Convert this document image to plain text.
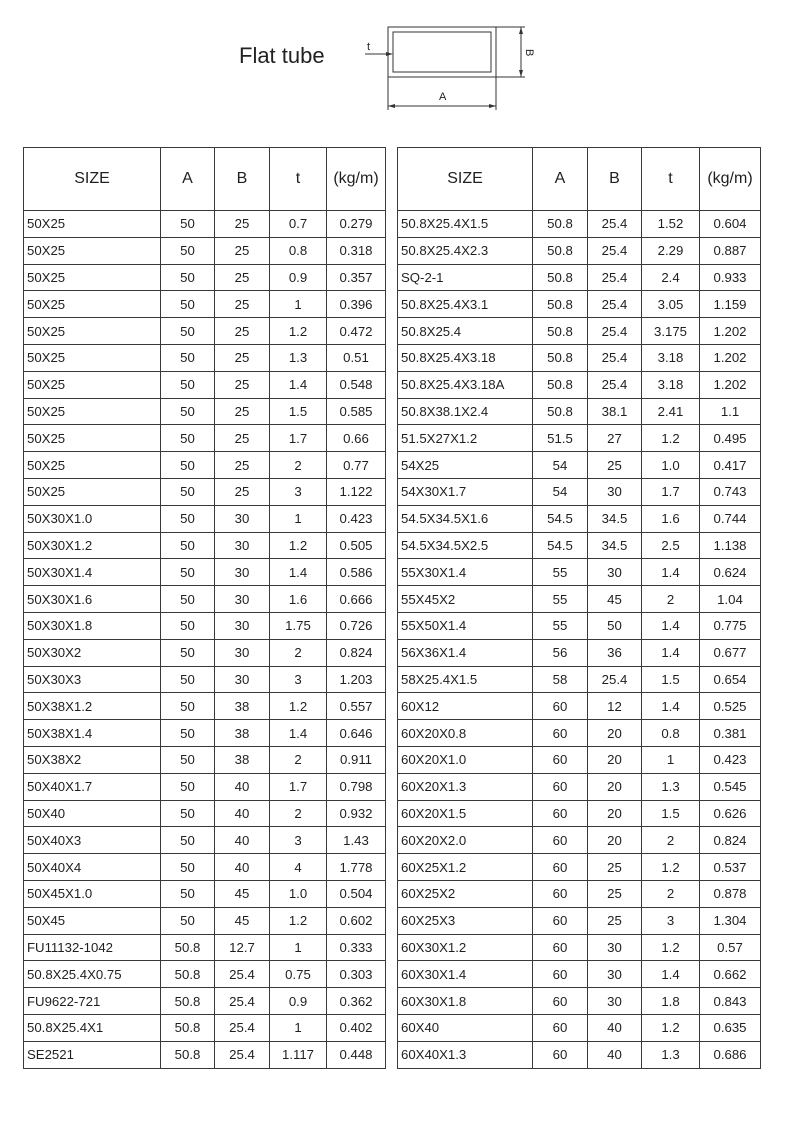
Flat tube	t
A
B
SIZE	A	B	t	(kg/m)
50X25	50	25	0.7	0.279
50X25	50	25	0.8	0.318
50X25	50	25	0.9	0.357
50X25	50	25	1	0.396
50X25	50	25	1.2	0.472
50X25	50	25	1.3	0.51
50X25	50	25	1.4	0.548
50X25	50	25	1.5	0.585
50X25	50	25	1.7	0.66
50X25	50	25	2	0.77
50X25	50	25	3	1.122
50X30X1.0	50	30	1	0.423
50X30X1.2	50	30	1.2	0.505
50X30X1.4	50	30	1.4	0.586
50X30X1.6	50	30	1.6	0.666
50X30X1.8	50	30	1.75	0.726
50X30X2	50	30	2	0.824
50X30X3	50	30	3	1.203
50X38X1.2	50	38	1.2	0.557
50X38X1.4	50	38	1.4	0.646
50X38X2	50	38	2	0.911
50X40X1.7	50	40	1.7	0.798
50X40	50	40	2	0.932
50X40X3	50	40	3	1.43
50X40X4	50	40	4	1.778
50X45X1.0	50	45	1.0	0.504
50X45	50	45	1.2	0.602
FU11132-1042	50.8	12.7	1	0.333
50.8X25.4X0.75	50.8	25.4	0.75	0.303
FU9622-721	50.8	25.4	0.9	0.362
50.8X25.4X1	50.8	25.4	1	0.402
SE2521	50.8	25.4	1.117	0.448
SIZE	A	B	t	(kg/m)
50.8X25.4X1.5	50.8	25.4	1.52	0.604
50.8X25.4X2.3	50.8	25.4	2.29	0.887
SQ-2-1	50.8	25.4	2.4	0.933
50.8X25.4X3.1	50.8	25.4	3.05	1.159
50.8X25.4	50.8	25.4	3.175	1.202
50.8X25.4X3.18	50.8	25.4	3.18	1.202
50.8X25.4X3.18A	50.8	25.4	3.18	1.202
50.8X38.1X2.4	50.8	38.1	2.41	1.1
51.5X27X1.2	51.5	27	1.2	0.495
54X25	54	25	1.0	0.417
54X30X1.7	54	30	1.7	0.743
54.5X34.5X1.6	54.5	34.5	1.6	0.744
54.5X34.5X2.5	54.5	34.5	2.5	1.138
55X30X1.4	55	30	1.4	0.624
55X45X2	55	45	2	1.04
55X50X1.4	55	50	1.4	0.775
56X36X1.4	56	36	1.4	0.677
58X25.4X1.5	58	25.4	1.5	0.654
60X12	60	12	1.4	0.525
60X20X0.8	60	20	0.8	0.381
60X20X1.0	60	20	1	0.423
60X20X1.3	60	20	1.3	0.545
60X20X1.5	60	20	1.5	0.626
60X20X2.0	60	20	2	0.824
60X25X1.2	60	25	1.2	0.537
60X25X2	60	25	2	0.878
60X25X3	60	25	3	1.304
60X30X1.2	60	30	1.2	0.57
60X30X1.4	60	30	1.4	0.662
60X30X1.8	60	30	1.8	0.843
60X40	60	40	1.2	0.635
60X40X1.3	60	40	1.3	0.686
